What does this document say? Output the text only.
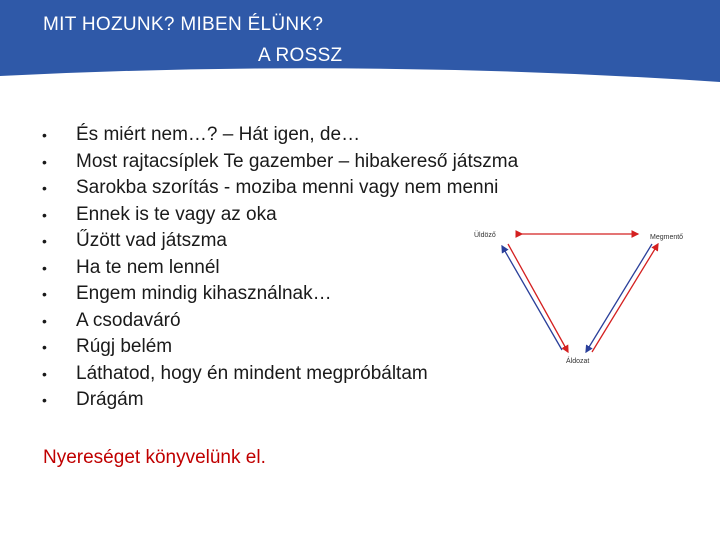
MIT HOZUNK? MIBEN ÉLÜNK?
A ROSSZ
•	És miért nem…? – Hát igen, de…
•	Most rajtacsíplek Te gazember – hibakereső játszma
•	Sarokba szorítás - moziba menni vagy nem menni
•	Ennek is te vagy az oka
•	Űzött vad játszma
•	Ha te nem lennél
•	Engem mindig kihasználnak…
•	A csodaváró
•	Rúgj belém
•	Láthatod, hogy én mindent megpróbáltam
•	Drágám
Üldöző	Megmentő
Áldozat
Nyereséget könyvelünk el.
